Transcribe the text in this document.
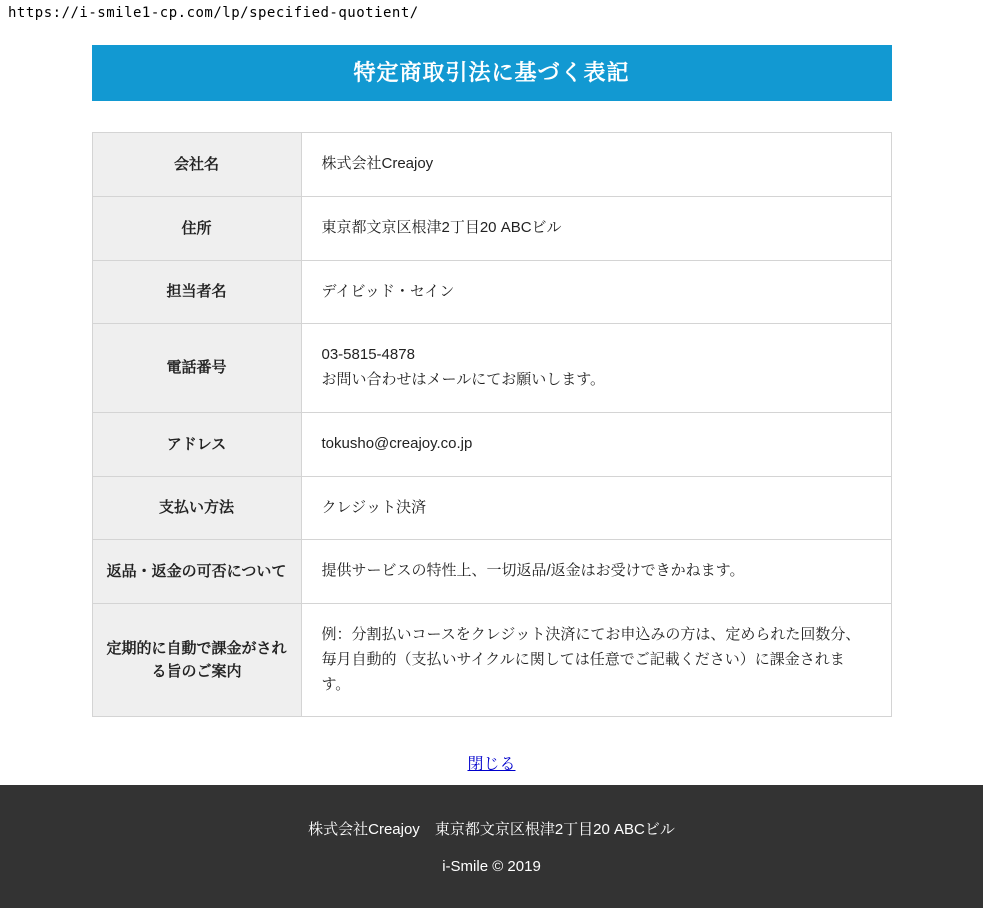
https://i-smile1-cp.com/lp/specified-quotient/
特定商取引法に基づく表記
会社名	株式会社Creajoy
住所	東京都文京区根津2丁目20 ABCビル
担当者名	デイビッド・セイン
電話番号	03-5815-4878
お問い合わせはメールにてお願いします。
アドレス	tokusho@creajoy.co.jp
支払い方法	クレジット決済
返品・返金の可否について	提供サービスの特性上、一切返品/返金はお受けできかねます。
定期的に自動で課金がされる旨のご案内	例：分割払いコースをクレジット決済にてお申込みの方は、定められた回数分、毎月自動的（支払いサイクルに関しては任意でご記載ください）に課金されます。
閉じる

株式会社Creajoy　東京都文京区根津2丁目20 ABCビル

i-Smile © 2019
